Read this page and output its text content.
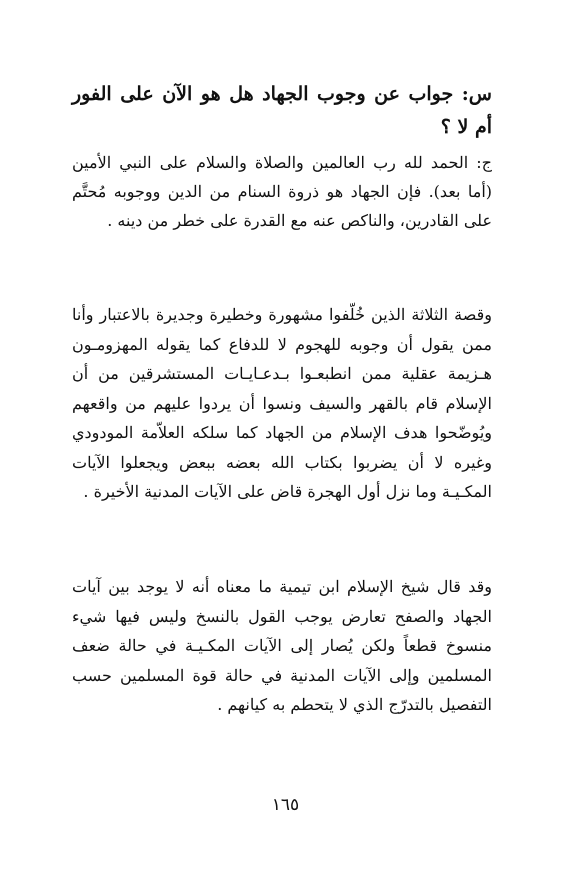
س: جواب عن وجوب الجهاد هل هو الآن على الفور أم لا ؟

ج: الحمد لله رب العالمين والصلاة والسلام على النبي الأمين (أما بعد). فإن الجهاد هو ذروة السنام من الدين ووجوبه مُحتَّم على القادرين، والناكص عنه مع القدرة على خطر من دينه .

وقصة الثلاثة الذين خُلّفوا مشهورة وخطيرة وجديرة بالاعتبار وأنا ممن يقول أن وجوبه للهجوم لا للدفاع كما يقوله المهزومـون هـزيمة عقلية ممن انطبعـوا بـدعـايـات المستشرقين من أن الإسلام قام بالقهر والسيف ونسوا أن يردوا عليهم من واقعهم ويُوضّحوا هدف الإسلام من الجهاد كما سلكه العلاّمة المودودي وغيره لا أن يضربوا بكتاب الله بعضه ببعض ويجعلوا الآيات المكـيـة وما نزل أول الهجرة قاض على الآيات المدنية الأخيرة .

وقد قال شيخ الإسلام ابن تيمية ما معناه أنه لا يوجد بين آيات الجهاد والصفح تعارض يوجب القول بالنسخ وليس فيها شيء منسوخ قطعاً ولكن يُصار إلى الآيات المكـيـة في حالة ضعف المسلمين وإلى الآيات المدنية في حالة قوة المسلمين حسب التفصيل بالتدرّج الذي لا يتحطم به كيانهم .

١٦٥
